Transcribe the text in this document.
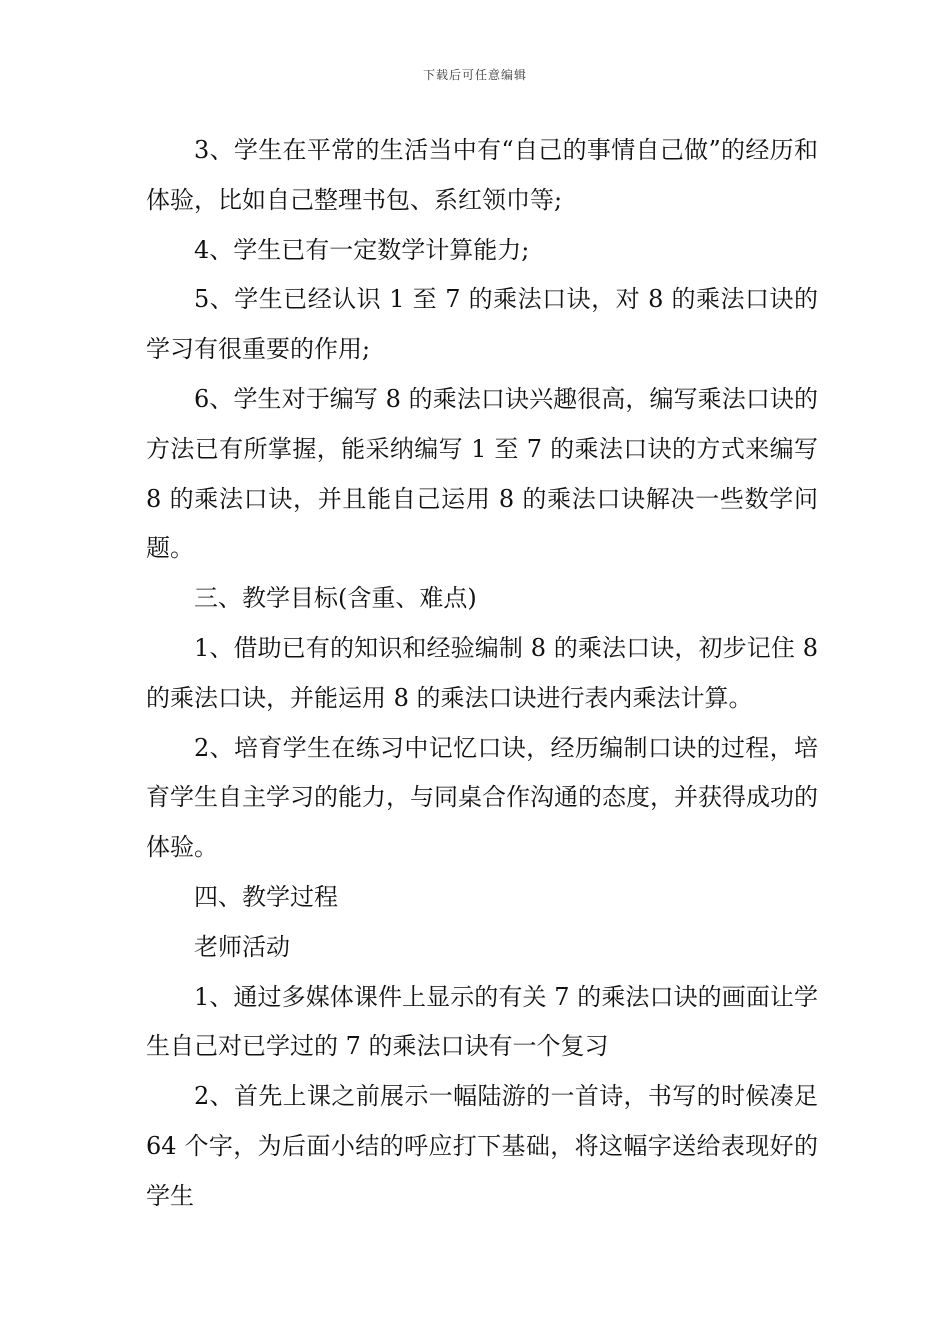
下载后可任意编辑

3、学生在平常的生活当中有“自己的事情自己做”的经历和体验，比如自己整理书包、系红领巾等;

4、学生已有一定数学计算能力;

5、学生已经认识 1 至 7 的乘法口诀，对 8 的乘法口诀的学习有很重要的作用;

6、学生对于编写 8 的乘法口诀兴趣很高，编写乘法口诀的方法已有所掌握，能采纳编写 1 至 7 的乘法口诀的方式来编写 8 的乘法口诀，并且能自己运用 8 的乘法口诀解决一些数学问题。

三、教学目标(含重、难点)

1、借助已有的知识和经验编制 8 的乘法口诀，初步记住 8 的乘法口诀，并能运用 8 的乘法口诀进行表内乘法计算。

2、培育学生在练习中记忆口诀，经历编制口诀的过程，培育学生自主学习的能力，与同桌合作沟通的态度，并获得成功的体验。

四、教学过程

老师活动

1、通过多媒体课件上显示的有关 7 的乘法口诀的画面让学生自己对已学过的 7 的乘法口诀有一个复习

2、首先上课之前展示一幅陆游的一首诗，书写的时候凑足 64 个字，为后面小结的呼应打下基础，将这幅字送给表现好的学生
